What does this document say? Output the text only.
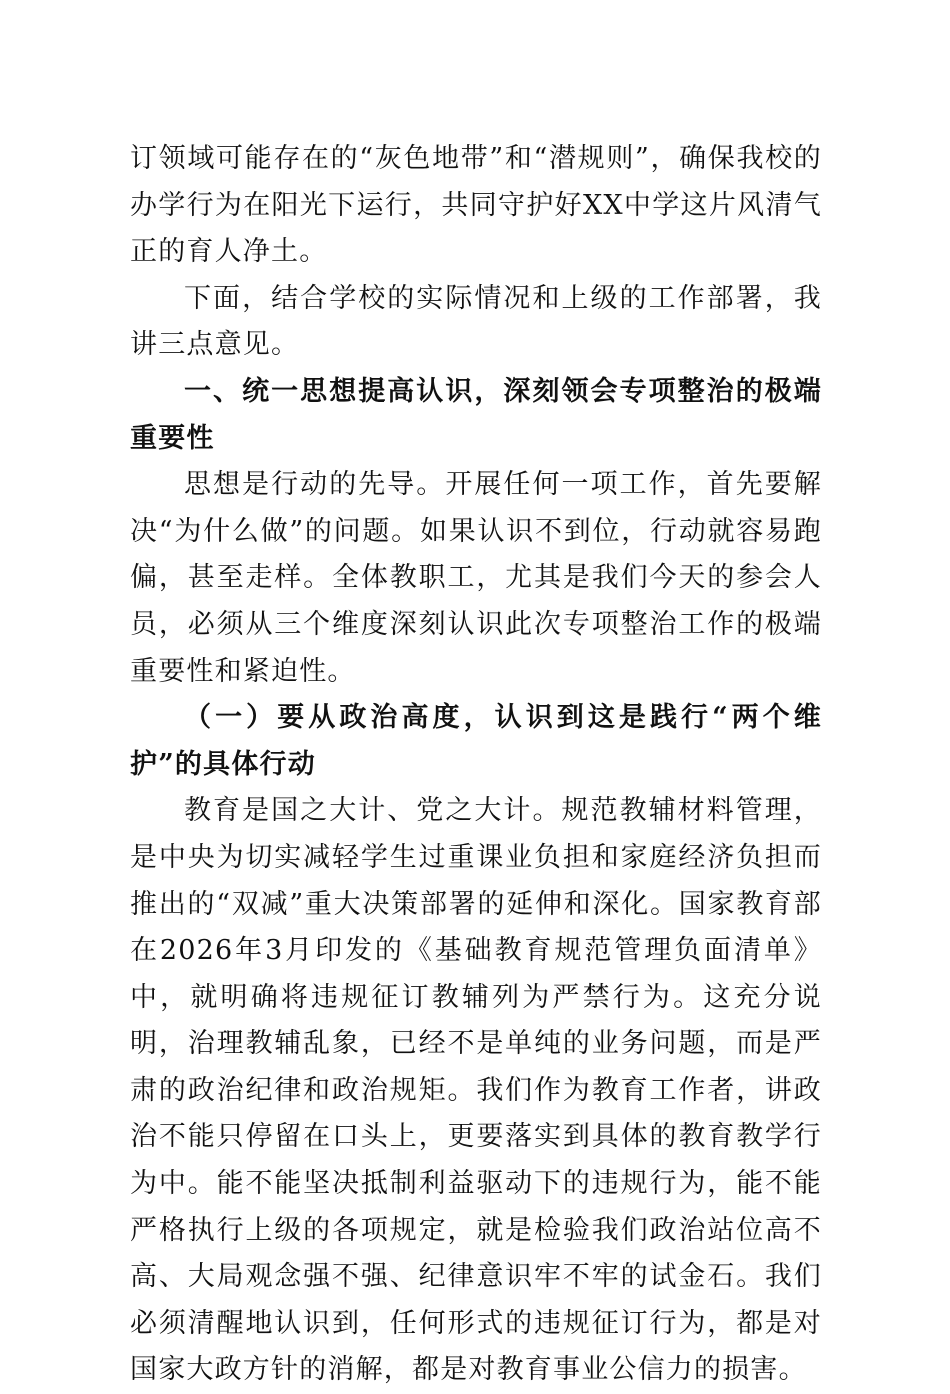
订领域可能存在的“灰色地带”和“潜规则”，确保我校的办学行为在阳光下运行，共同守护好XX中学这片风清气正的育人净土。

下面，结合学校的实际情况和上级的工作部署，我讲三点意见。

一、统一思想提高认识，深刻领会专项整治的极端重要性

思想是行动的先导。开展任何一项工作，首先要解决“为什么做”的问题。如果认识不到位，行动就容易跑偏，甚至走样。全体教职工，尤其是我们今天的参会人员，必须从三个维度深刻认识此次专项整治工作的极端重要性和紧迫性。

（一）要从政治高度，认识到这是践行“两个维护”的具体行动

教育是国之大计、党之大计。规范教辅材料管理，是中央为切实减轻学生过重课业负担和家庭经济负担而推出的“双减”重大决策部署的延伸和深化。国家教育部在2026年3月印发的《基础教育规范管理负面清单》中，就明确将违规征订教辅列为严禁行为。这充分说明，治理教辅乱象，已经不是单纯的业务问题，而是严肃的政治纪律和政治规矩。我们作为教育工作者，讲政治不能只停留在口头上，更要落实到具体的教育教学行为中。能不能坚决抵制利益驱动下的违规行为，能不能严格执行上级的各项规定，就是检验我们政治站位高不高、大局观念强不强、纪律意识牢不牢的试金石。我们必须清醒地认识到，任何形式的违规征订行为，都是对国家大政方针的消解，都是对教育事业公信力的损害。
